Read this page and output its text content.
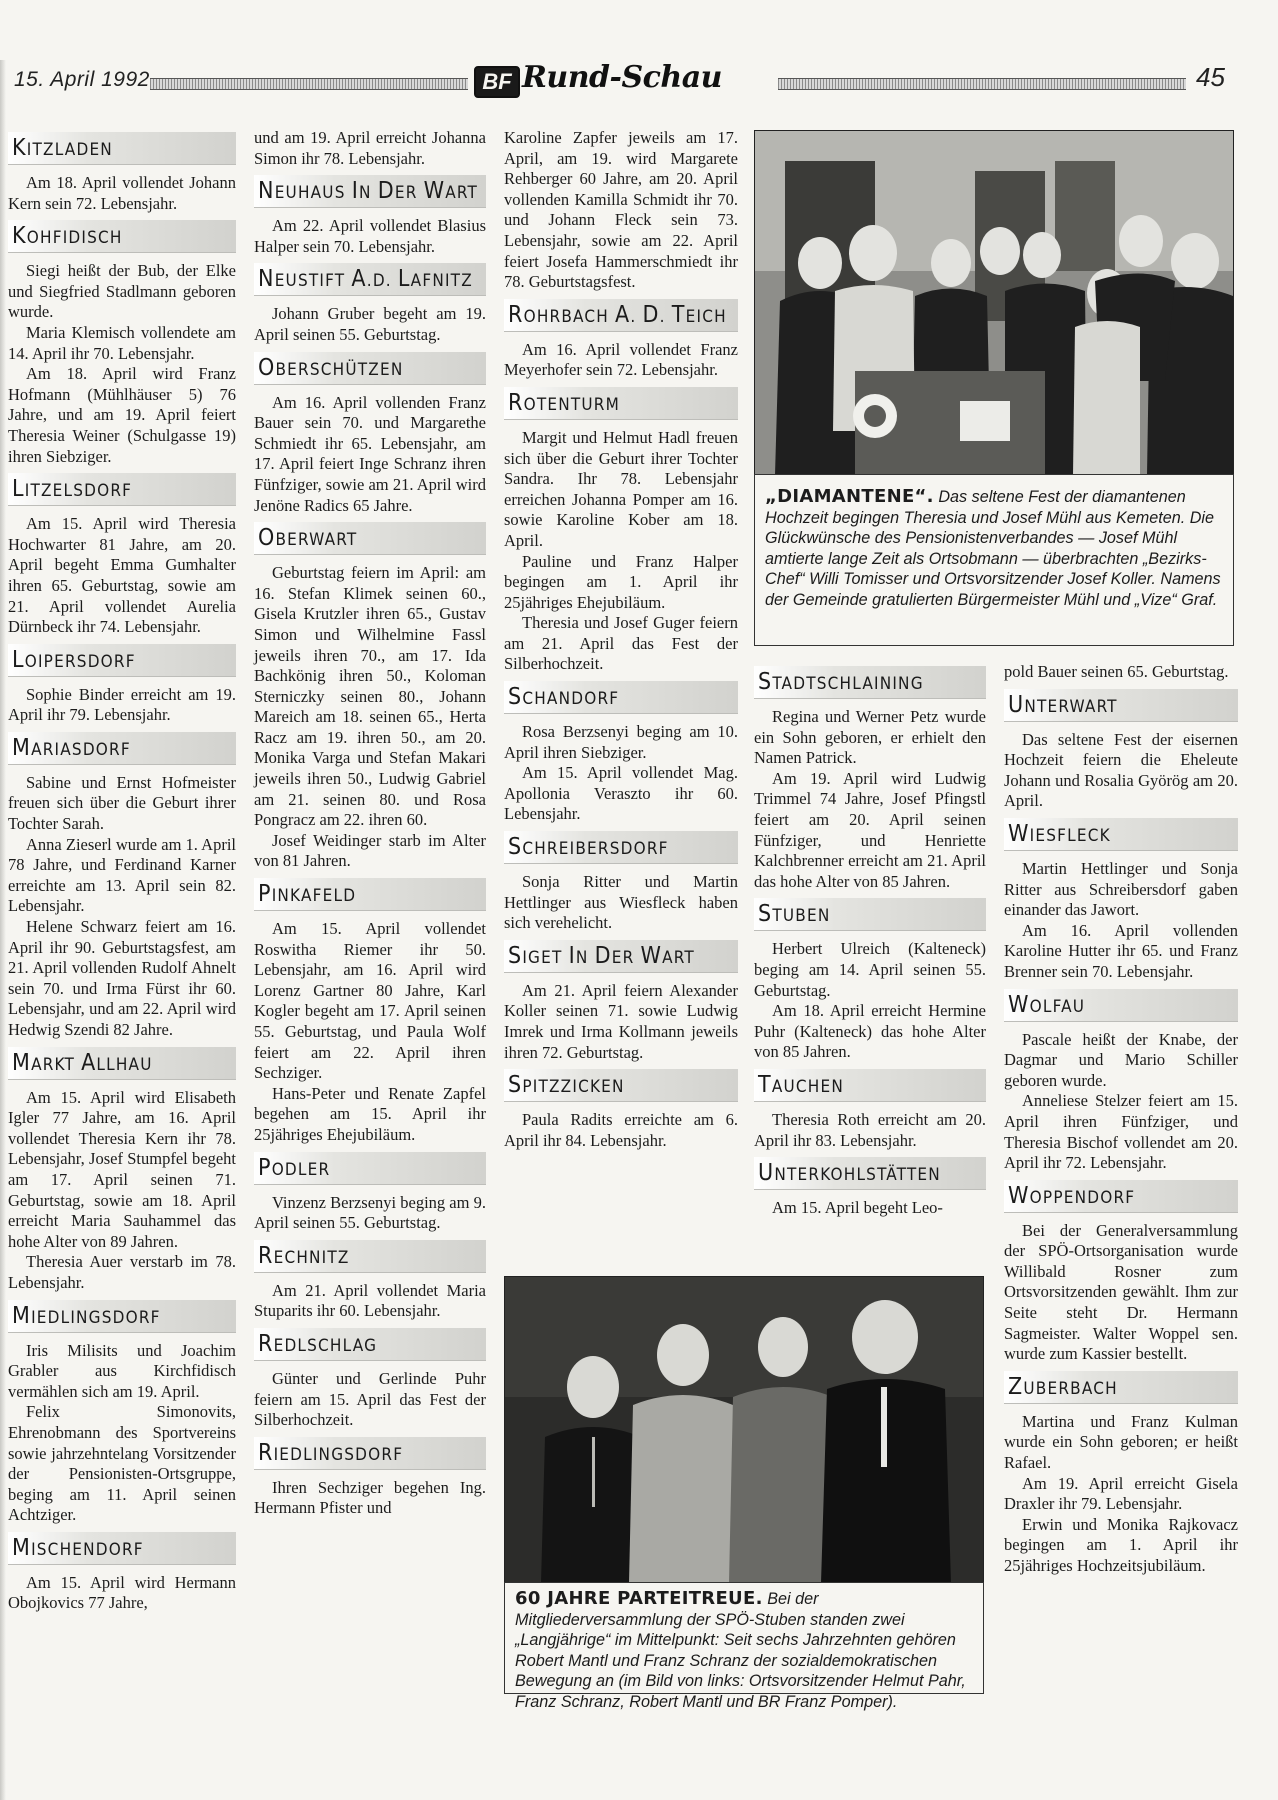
15. April 1992	BF Rund-Schau	45
KITZLADEN

Am 18. April vollendet Johann Kern sein 72. Lebensjahr.

KOHFIDISCH

Siegi heißt der Bub, der Elke und Siegfried Stadlmann geboren wurde.

Maria Klemisch vollendete am 14. April ihr 70. Lebensjahr.

Am 18. April wird Franz Hofmann (Mühlhäuser 5) 76 Jahre, und am 19. April feiert Theresia Weiner (Schulgasse 19) ihren Siebziger.

LITZELSDORF

Am 15. April wird Theresia Hochwarter 81 Jahre, am 20. April begeht Emma Gumhalter ihren 65. Geburtstag, sowie am 21. April vollendet Aurelia Dürnbeck ihr 74. Lebensjahr.

LOIPERSDORF

Sophie Binder erreicht am 19. April ihr 79. Lebensjahr.

MARIASDORF

Sabine und Ernst Hofmeister freuen sich über die Geburt ihrer Tochter Sarah.

Anna Zieserl wurde am 1. April 78 Jahre, und Ferdinand Karner erreichte am 13. April sein 82. Lebensjahr.

Helene Schwarz feiert am 16. April ihr 90. Geburtstagsfest, am 21. April vollenden Rudolf Ahnelt sein 70. und Irma Fürst ihr 60. Lebensjahr, und am 22. April wird Hedwig Szendi 82 Jahre.

MARKT ALLHAU

Am 15. April wird Elisabeth Igler 77 Jahre, am 16. April vollendet Theresia Kern ihr 78. Lebensjahr, Josef Stumpfel begeht am 17. April seinen 71. Geburtstag, sowie am 18. April erreicht Maria Sauhammel das hohe Alter von 89 Jahren.

Theresia Auer verstarb im 78. Lebensjahr.

MIEDLINGSDORF

Iris Milisits und Joachim Grabler aus Kirchfidisch vermählen sich am 19. April.

Felix Simonovits, Ehrenobmann des Sportvereins sowie jahrzehntelang Vorsitzender der Pensionisten-Ortsgruppe, beging am 11. April seinen Achtziger.

MISCHENDORF

Am 15. April wird Hermann Obojkovics 77 Jahre,

und am 19. April erreicht Johanna Simon ihr 78. Lebensjahr.

NEUHAUS IN DER WART

Am 22. April vollendet Blasius Halper sein 70. Lebensjahr.

NEUSTIFT A.D. LAFNITZ

Johann Gruber begeht am 19. April seinen 55. Geburtstag.

OBERSCHÜTZEN

Am 16. April vollenden Franz Bauer sein 70. und Margarethe Schmiedt ihr 65. Lebensjahr, am 17. April feiert Inge Schranz ihren Fünfziger, sowie am 21. April wird Jenöne Radics 65 Jahre.

OBERWART

Geburtstag feiern im April: am 16. Stefan Klimek seinen 60., Gisela Krutzler ihren 65., Gustav Simon und Wilhelmine Fassl jeweils ihren 70., am 17. Ida Bachkönig ihren 50., Koloman Sterniczky seinen 80., Johann Mareich am 18. seinen 65., Herta Racz am 19. ihren 50., am 20. Monika Varga und Stefan Makari jeweils ihren 50., Ludwig Gabriel am 21. seinen 80. und Rosa Pongracz am 22. ihren 60.

Josef Weidinger starb im Alter von 81 Jahren.

PINKAFELD

Am 15. April vollendet Roswitha Riemer ihr 50. Lebensjahr, am 16. April wird Lorenz Gartner 80 Jahre, Karl Kogler begeht am 17. April seinen 55. Geburtstag, und Paula Wolf feiert am 22. April ihren Sechziger.

Hans-Peter und Renate Zapfel begehen am 15. April ihr 25jähriges Ehejubiläum.

PODLER

Vinzenz Berzsenyi beging am 9. April seinen 55. Geburtstag.

RECHNITZ

Am 21. April vollendet Maria Stuparits ihr 60. Lebensjahr.

REDLSCHLAG

Günter und Gerlinde Puhr feiern am 15. April das Fest der Silberhochzeit.

RIEDLINGSDORF

Ihren Sechziger begehen Ing. Hermann Pfister und

Karoline Zapfer jeweils am 17. April, am 19. wird Margarete Rehberger 60 Jahre, am 20. April vollenden Kamilla Schmidt ihr 70. und Johann Fleck sein 73. Lebensjahr, sowie am 22. April feiert Josefa Hammerschmiedt ihr 78. Geburtstagsfest.

ROHRBACH A. D. TEICH

Am 16. April vollendet Franz Meyerhofer sein 72. Lebensjahr.

ROTENTURM

Margit und Helmut Hadl freuen sich über die Geburt ihrer Tochter Sandra. Ihr 78. Lebensjahr erreichen Johanna Pomper am 16. sowie Karoline Kober am 18. April.

Pauline und Franz Halper begingen am 1. April ihr 25jähriges Ehejubiläum.

Theresia und Josef Guger feiern am 21. April das Fest der Silberhochzeit.

SCHANDORF

Rosa Berzsenyi beging am 10. April ihren Siebziger.

Am 15. April vollendet Mag. Apollonia Veraszto ihr 60. Lebensjahr.

SCHREIBERSDORF

Sonja Ritter und Martin Hettlinger aus Wiesfleck haben sich verehelicht.

SIGET IN DER WART

Am 21. April feiern Alexander Koller seinen 71. sowie Ludwig Imrek und Irma Kollmann jeweils ihren 72. Geburtstag.

SPITZZICKEN

Paula Radits erreichte am 6. April ihr 84. Lebensjahr.

STADTSCHLAINING

Regina und Werner Petz wurde ein Sohn geboren, er erhielt den Namen Patrick.

Am 19. April wird Ludwig Trimmel 74 Jahre, Josef Pfingstl feiert am 20. April seinen Fünfziger, und Henriette Kalchbrenner erreicht am 21. April das hohe Alter von 85 Jahren.

STUBEN

Herbert Ulreich (Kalteneck) beging am 14. April seinen 55. Geburtstag.

Am 18. April erreicht Hermine Puhr (Kalteneck) das hohe Alter von 85 Jahren.

TAUCHEN

Theresia Roth erreicht am 20. April ihr 83. Lebensjahr.

UNTERKOHLSTÄTTEN

Am 15. April begeht Leo-

pold Bauer seinen 65. Geburtstag.

UNTERWART

Das seltene Fest der eisernen Hochzeit feiern die Eheleute Johann und Rosalia Györög am 20. April.

WIESFLECK

Martin Hettlinger und Sonja Ritter aus Schreibersdorf gaben einander das Jawort.

Am 16. April vollenden Karoline Hutter ihr 65. und Franz Brenner sein 70. Lebensjahr.

WOLFAU

Pascale heißt der Knabe, der Dagmar und Mario Schiller geboren wurde.

Anneliese Stelzer feiert am 15. April ihren Fünfziger, und Theresia Bischof vollendet am 20. April ihr 72. Lebensjahr.

WOPPENDORF

Bei der Generalversammlung der SPÖ-Ortsorganisation wurde Willibald Rosner zum Ortsvorsitzenden gewählt. Ihm zur Seite steht Dr. Hermann Sagmeister. Walter Woppel sen. wurde zum Kassier bestellt.

ZUBERBACH

Martina und Franz Kulman wurde ein Sohn geboren; er heißt Rafael.

Am 19. April erreicht Gisela Draxler ihr 79. Lebensjahr.

Erwin und Monika Rajkovacz begingen am 1. April ihr 25jähriges Hochzeitsjubiläum.

„DIAMANTENE“. Das seltene Fest der diamantenen Hochzeit begingen Theresia und Josef Mühl aus Kemeten. Die Glückwünsche des Pensionistenverbandes — Josef Mühl amtierte lange Zeit als Ortsobmann — überbrachten „Bezirks-Chef“ Willi Tomisser und Ortsvorsitzender Josef Koller. Namens der Gemeinde gratulierten Bürgermeister Mühl und „Vize“ Graf.

60 JAHRE PARTEITREUE. Bei der Mitgliederversammlung der SPÖ-Stuben standen zwei „Langjährige“ im Mittelpunkt: Seit sechs Jahrzehnten gehören Robert Mantl und Franz Schranz der sozialdemokratischen Bewegung an (im Bild von links: Ortsvorsitzender Helmut Pahr, Franz Schranz, Robert Mantl und BR Franz Pomper).
